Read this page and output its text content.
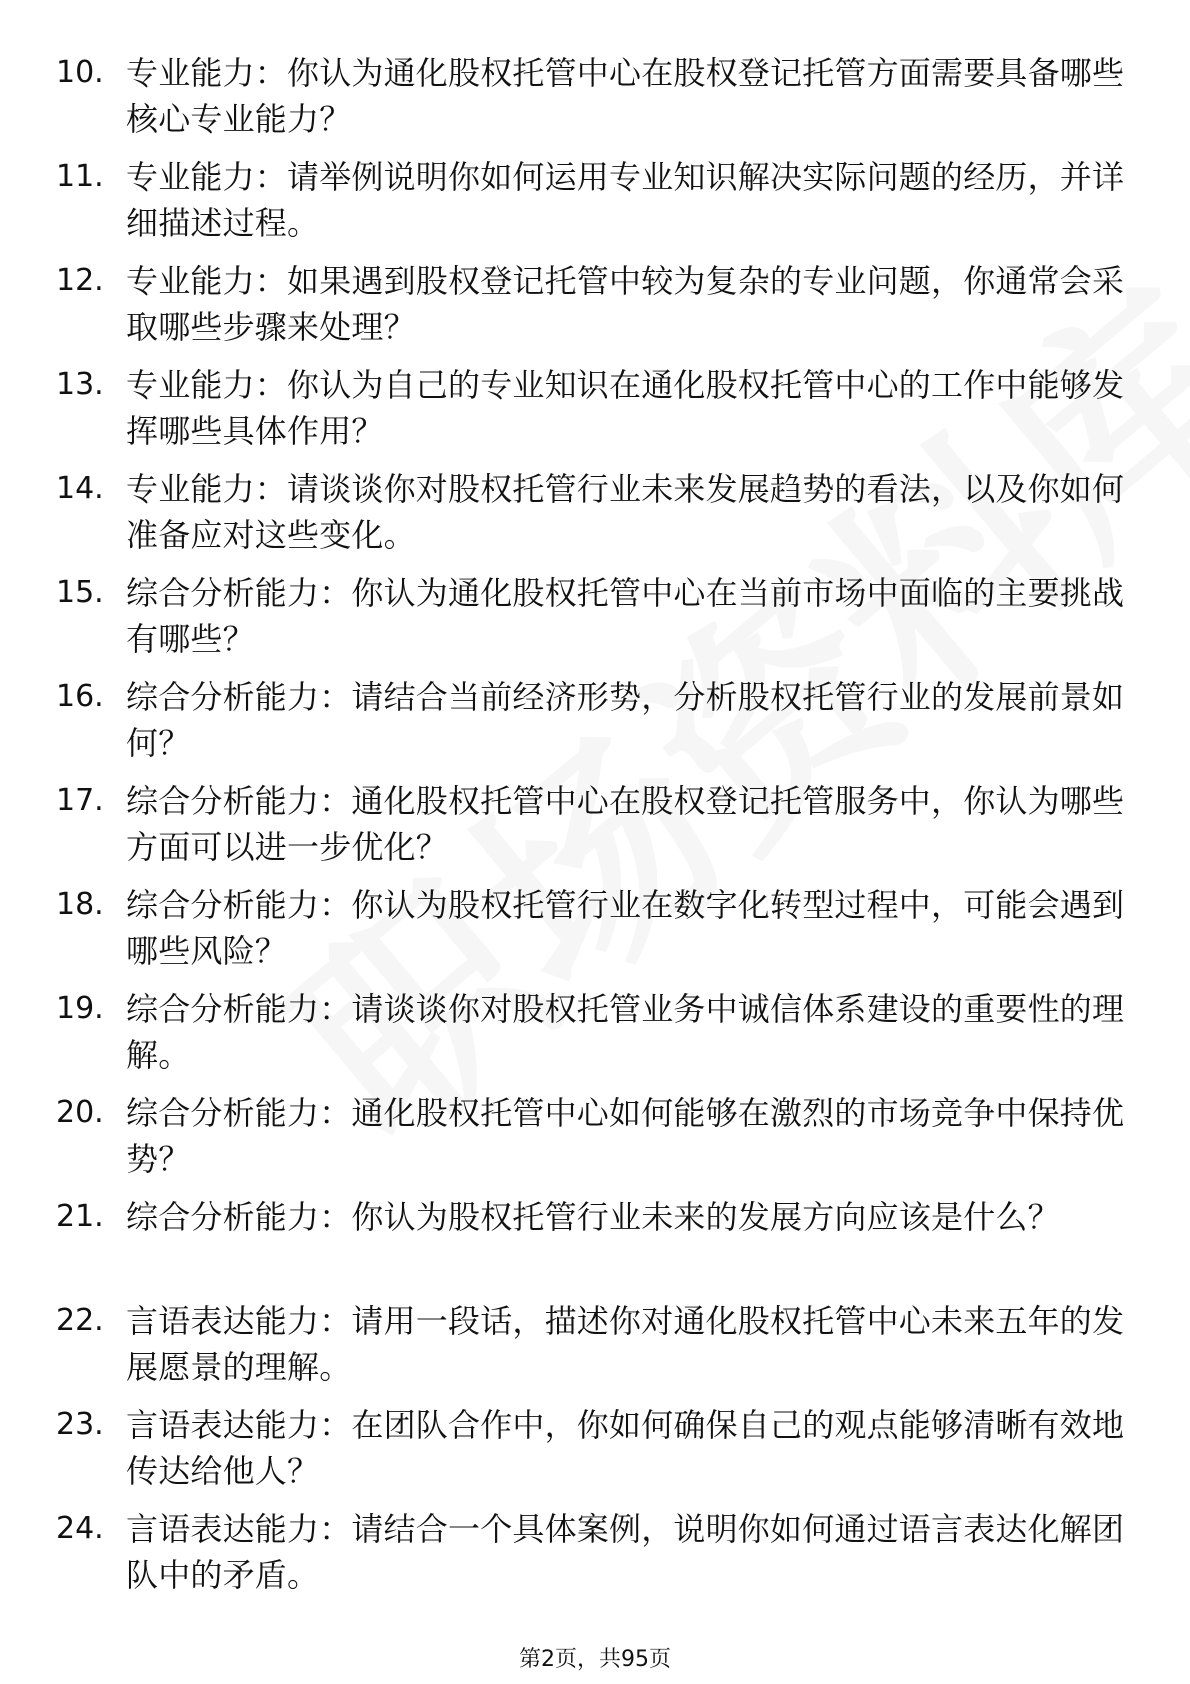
10. 专业能力：你认为通化股权托管中心在股权登记托管方面需要具备哪些核心专业能力？
11. 专业能力：请举例说明你如何运用专业知识解决实际问题的经历，并详细描述过程。
12. 专业能力：如果遇到股权登记托管中较为复杂的专业问题，你通常会采取哪些步骤来处理？
13. 专业能力：你认为自己的专业知识在通化股权托管中心的工作中能够发挥哪些具体作用？
14. 专业能力：请谈谈你对股权托管行业未来发展趋势的看法，以及你如何准备应对这些变化。
15. 综合分析能力：你认为通化股权托管中心在当前市场中面临的主要挑战有哪些？
16. 综合分析能力：请结合当前经济形势，分析股权托管行业的发展前景如何？
17. 综合分析能力：通化股权托管中心在股权登记托管服务中，你认为哪些方面可以进一步优化？
18. 综合分析能力：你认为股权托管行业在数字化转型过程中，可能会遇到哪些风险？
19. 综合分析能力：请谈谈你对股权托管业务中诚信体系建设的重要性的理解。
20. 综合分析能力：通化股权托管中心如何能够在激烈的市场竞争中保持优势？
21. 综合分析能力：你认为股权托管行业未来的发展方向应该是什么？
22. 言语表达能力：请用一段话，描述你对通化股权托管中心未来五年的发展愿景的理解。
23. 言语表达能力：在团队合作中，你如何确保自己的观点能够清晰有效地传达给他人？
24. 言语表达能力：请结合一个具体案例，说明你如何通过语言表达化解团队中的矛盾。
第2页，共95页
